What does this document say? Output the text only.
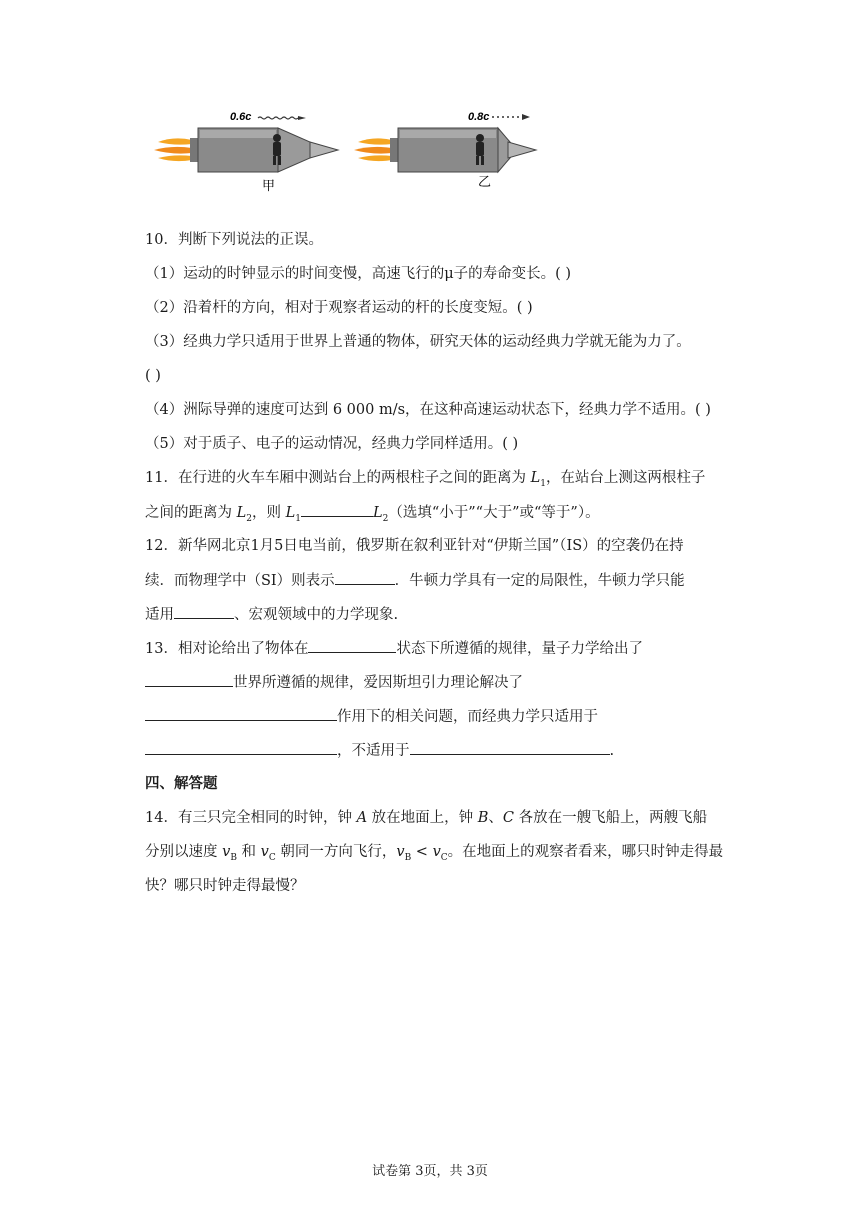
0.6c	0.8c
甲	乙
10．判断下列说法的正误。
（1）运动的时钟显示的时间变慢，高速飞行的μ子的寿命变长。( )
（2）沿着杆的方向，相对于观察者运动的杆的长度变短。( )
（3）经典力学只适用于世界上普通的物体，研究天体的运动经典力学就无能为力了。
( )
（4）洲际导弹的速度可达到 6 000 m/s，在这种高速运动状态下，经典力学不适用。( )
（5）对于质子、电子的运动情况，经典力学同样适用。( )
11．在行进的火车车厢中测站台上的两根柱子之间的距离为 $L_1$，在站台上测这两根柱子
之间的距离为 $L_2$，则 $L_1$	$L_2$（选填“小于”“大于”或“等于”）。
12．新华网北京1月5日电当前，俄罗斯在叙利亚针对“伊斯兰国”（IS）的空袭仍在持
续．而物理学中（SI）则表示	．牛顿力学具有一定的局限性，牛顿力学只能
适用	、宏观领域中的力学现象.
13．相对论给出了物体在	状态下所遵循的规律，量子力学给出了
世界所遵循的规律，爱因斯坦引力理论解决了
作用下的相关问题，而经典力学只适用于
，不适用于	.
四、解答题
14．有三只完全相同的时钟，钟 A 放在地面上，钟 B、C 各放在一艘飞船上，两艘飞船
分别以速度 $v_B$ 和 $v_C$ 朝同一方向飞行，$v_B < v_C$。在地面上的观察者看来，哪只时钟走得最
快？哪只时钟走得最慢？
试卷第 3页，共 3页
